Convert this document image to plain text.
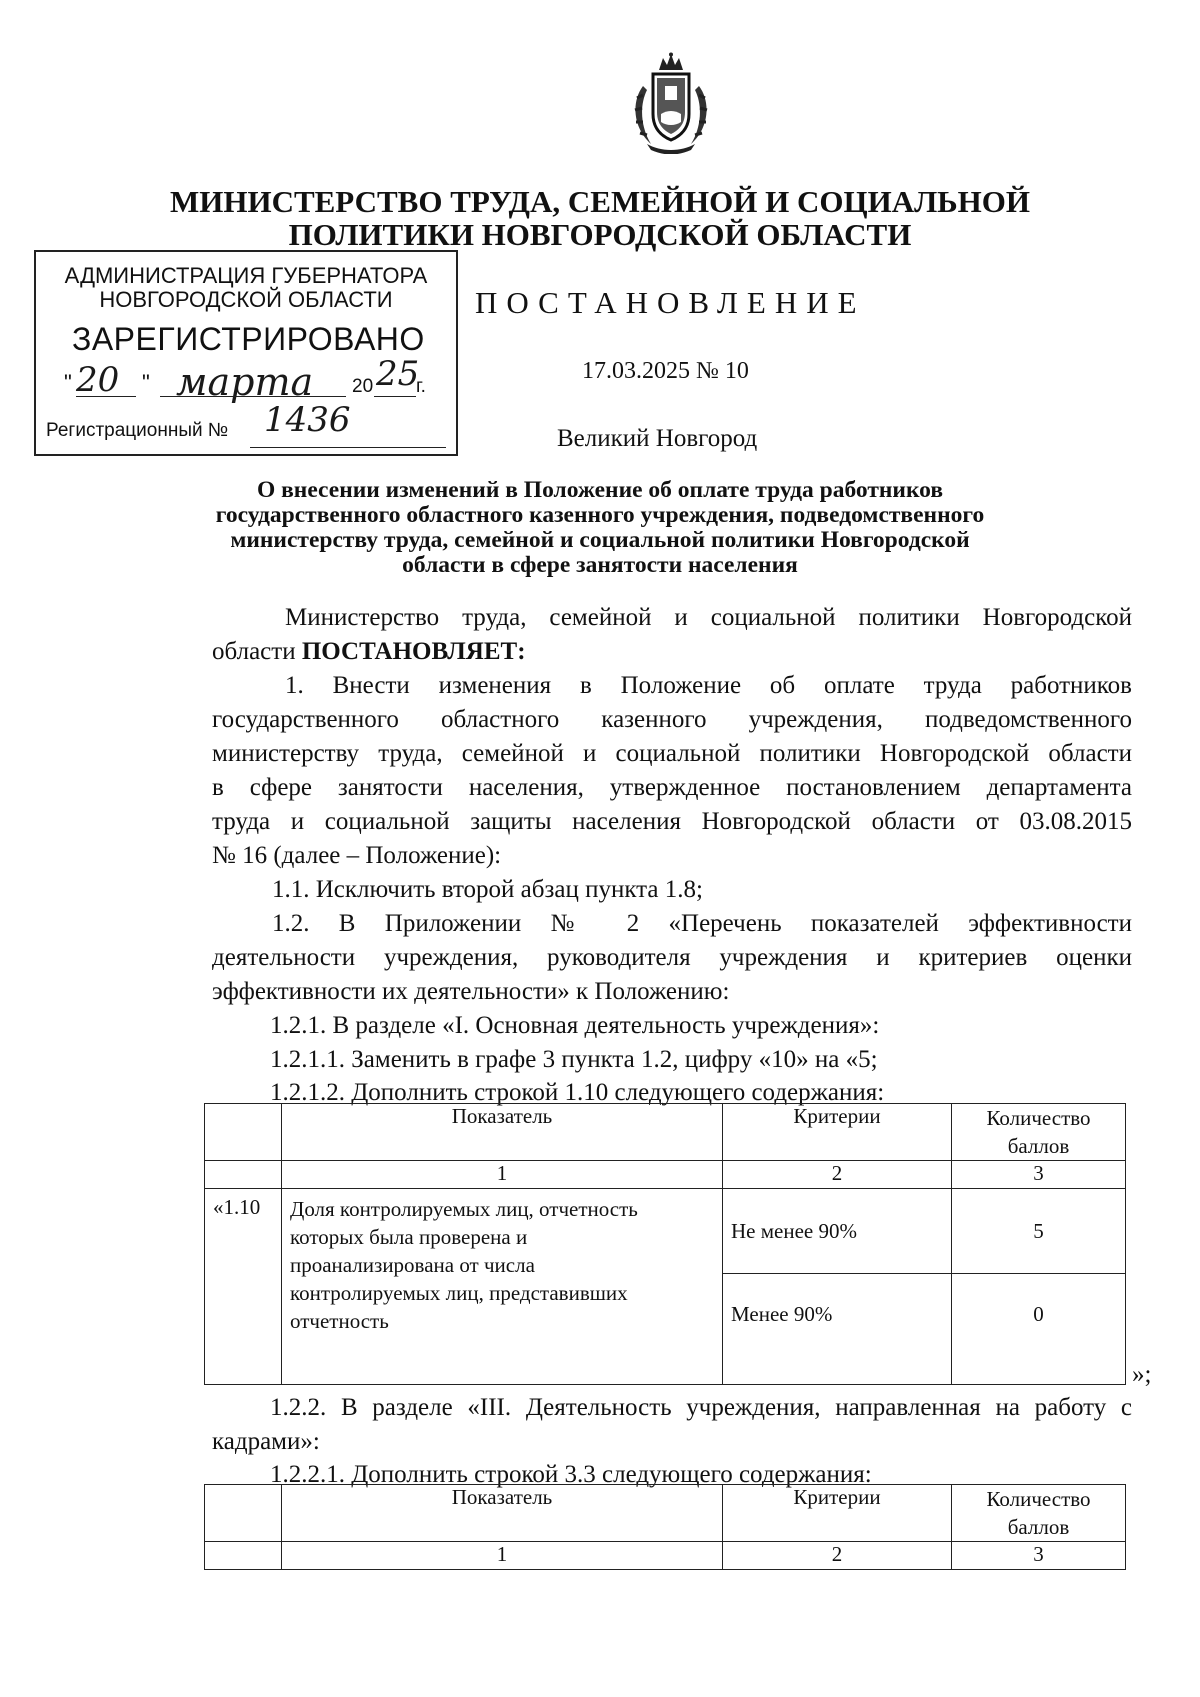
МИНИСТЕРСТВО ТРУДА, СЕМЕЙНОЙ И СОЦИАЛЬНОЙ
ПОЛИТИКИ НОВГОРОДСКОЙ ОБЛАСТИ
АДМИНИСТРАЦИЯ ГУБЕРНАТОРА
НОВГОРОДСКОЙ ОБЛАСТИ
ЗАРЕГИСТРИРОВАНО
" 20 " марта 20 25
г.
Регистрационный № 1436
ПОСТАНОВЛЕНИЕ
17.03.2025 № 10
Великий Новгород
О внесении изменений в Положение об оплате труда работников
государственного областного казенного учреждения, подведомственного
министерству труда, семейной и социальной политики Новгородской
области в сфере занятости населения
Министерство труда, семейной и социальной политики Новгородской
области ПОСТАНОВЛЯЕТ:
1. Внести изменения в Положение об оплате труда работников
государственного областного казенного учреждения, подведомственного
министерству труда, семейной и социальной политики Новгородской области
в сфере занятости населения, утвержденное постановлением департамента
труда и социальной защиты населения Новгородской области от 03.08.2015
№ 16 (далее – Положение):
1.1. Исключить второй абзац пункта 1.8;
1.2. В Приложении № 2 «Перечень показателей эффективности
деятельности учреждения, руководителя учреждения и критериев оценки
эффективности их деятельности» к Положению:
1.2.1. В разделе «I. Основная деятельность учреждения»:
1.2.1.1. Заменить в графе 3 пункта 1.2, цифру «10» на «5;
1.2.1.2. Дополнить строкой 1.10 следующего содержания:
	Показатель	Критерии	Количество
баллов
	1	2	3
«1.10	Доля контролируемых лиц, отчетность
которых была проверена и
проанализирована от числа
контролируемых лиц, представивших
отчетность	Не менее 90%	5
		Менее 90%	0
»;
1.2.2. В разделе «III. Деятельность учреждения, направленная на работу с
кадрами»:
1.2.2.1. Дополнить строкой 3.3 следующего содержания:
	Показатель	Критерии	Количество
баллов
	1	2	3
